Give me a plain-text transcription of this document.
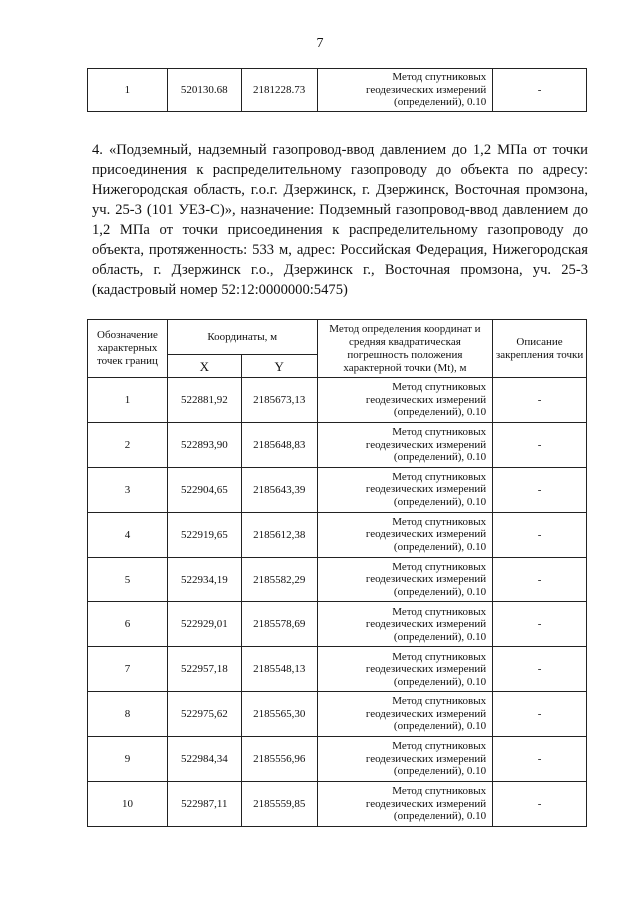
7
1	520130.68	2181228.73	
Метод спутниковых
геодезических измерений
(определений), 0.10
	-

4. «Подземный, надземный газопровод-ввод давлением до 1,2 МПа от точки присоединения к распределительному газопроводу до объекта по адресу: Нижегородская область, г.о.г. Дзержинск, г. Дзержинск, Восточная промзона, уч. 25-3 (101 УЕЗ-С)», назначение: Подземный газопровод-ввод давлением до 1,2 МПа от точки присоединения к распределительному газопроводу до объекта, протяженность: 533 м, адрес: Российская Федерация, Нижегородская область, г. Дзержинск г.о., Дзержинск г., Восточная промзона, уч. 25-3 (кадастровый номер 52:12:0000000:5475)

Обозначение характерных точек границ	Координаты, м		Метод определения координат и средняя квадратическая погрешность положения характерной точки (Mt), м	Описание закрепления точки
	X	Y		
1	522881,92	2185673,13	Метод спутниковых
геодезических измерений
(определений), 0.10	-
2	522893,90	2185648,83	Метод спутниковых
геодезических измерений
(определений), 0.10	-
3	522904,65	2185643,39	Метод спутниковых
геодезических измерений
(определений), 0.10	-
4	522919,65	2185612,38	Метод спутниковых
геодезических измерений
(определений), 0.10	-
5	522934,19	2185582,29	Метод спутниковых
геодезических измерений
(определений), 0.10	-
6	522929,01	2185578,69	Метод спутниковых
геодезических измерений
(определений), 0.10	-
7	522957,18	2185548,13	Метод спутниковых
геодезических измерений
(определений), 0.10	-
8	522975,62	2185565,30	Метод спутниковых
геодезических измерений
(определений), 0.10	-
9	522984,34	2185556,96	Метод спутниковых
геодезических измерений
(определений), 0.10	-
10	522987,11	2185559,85	Метод спутниковых
геодезических измерений
(определений), 0.10	-
